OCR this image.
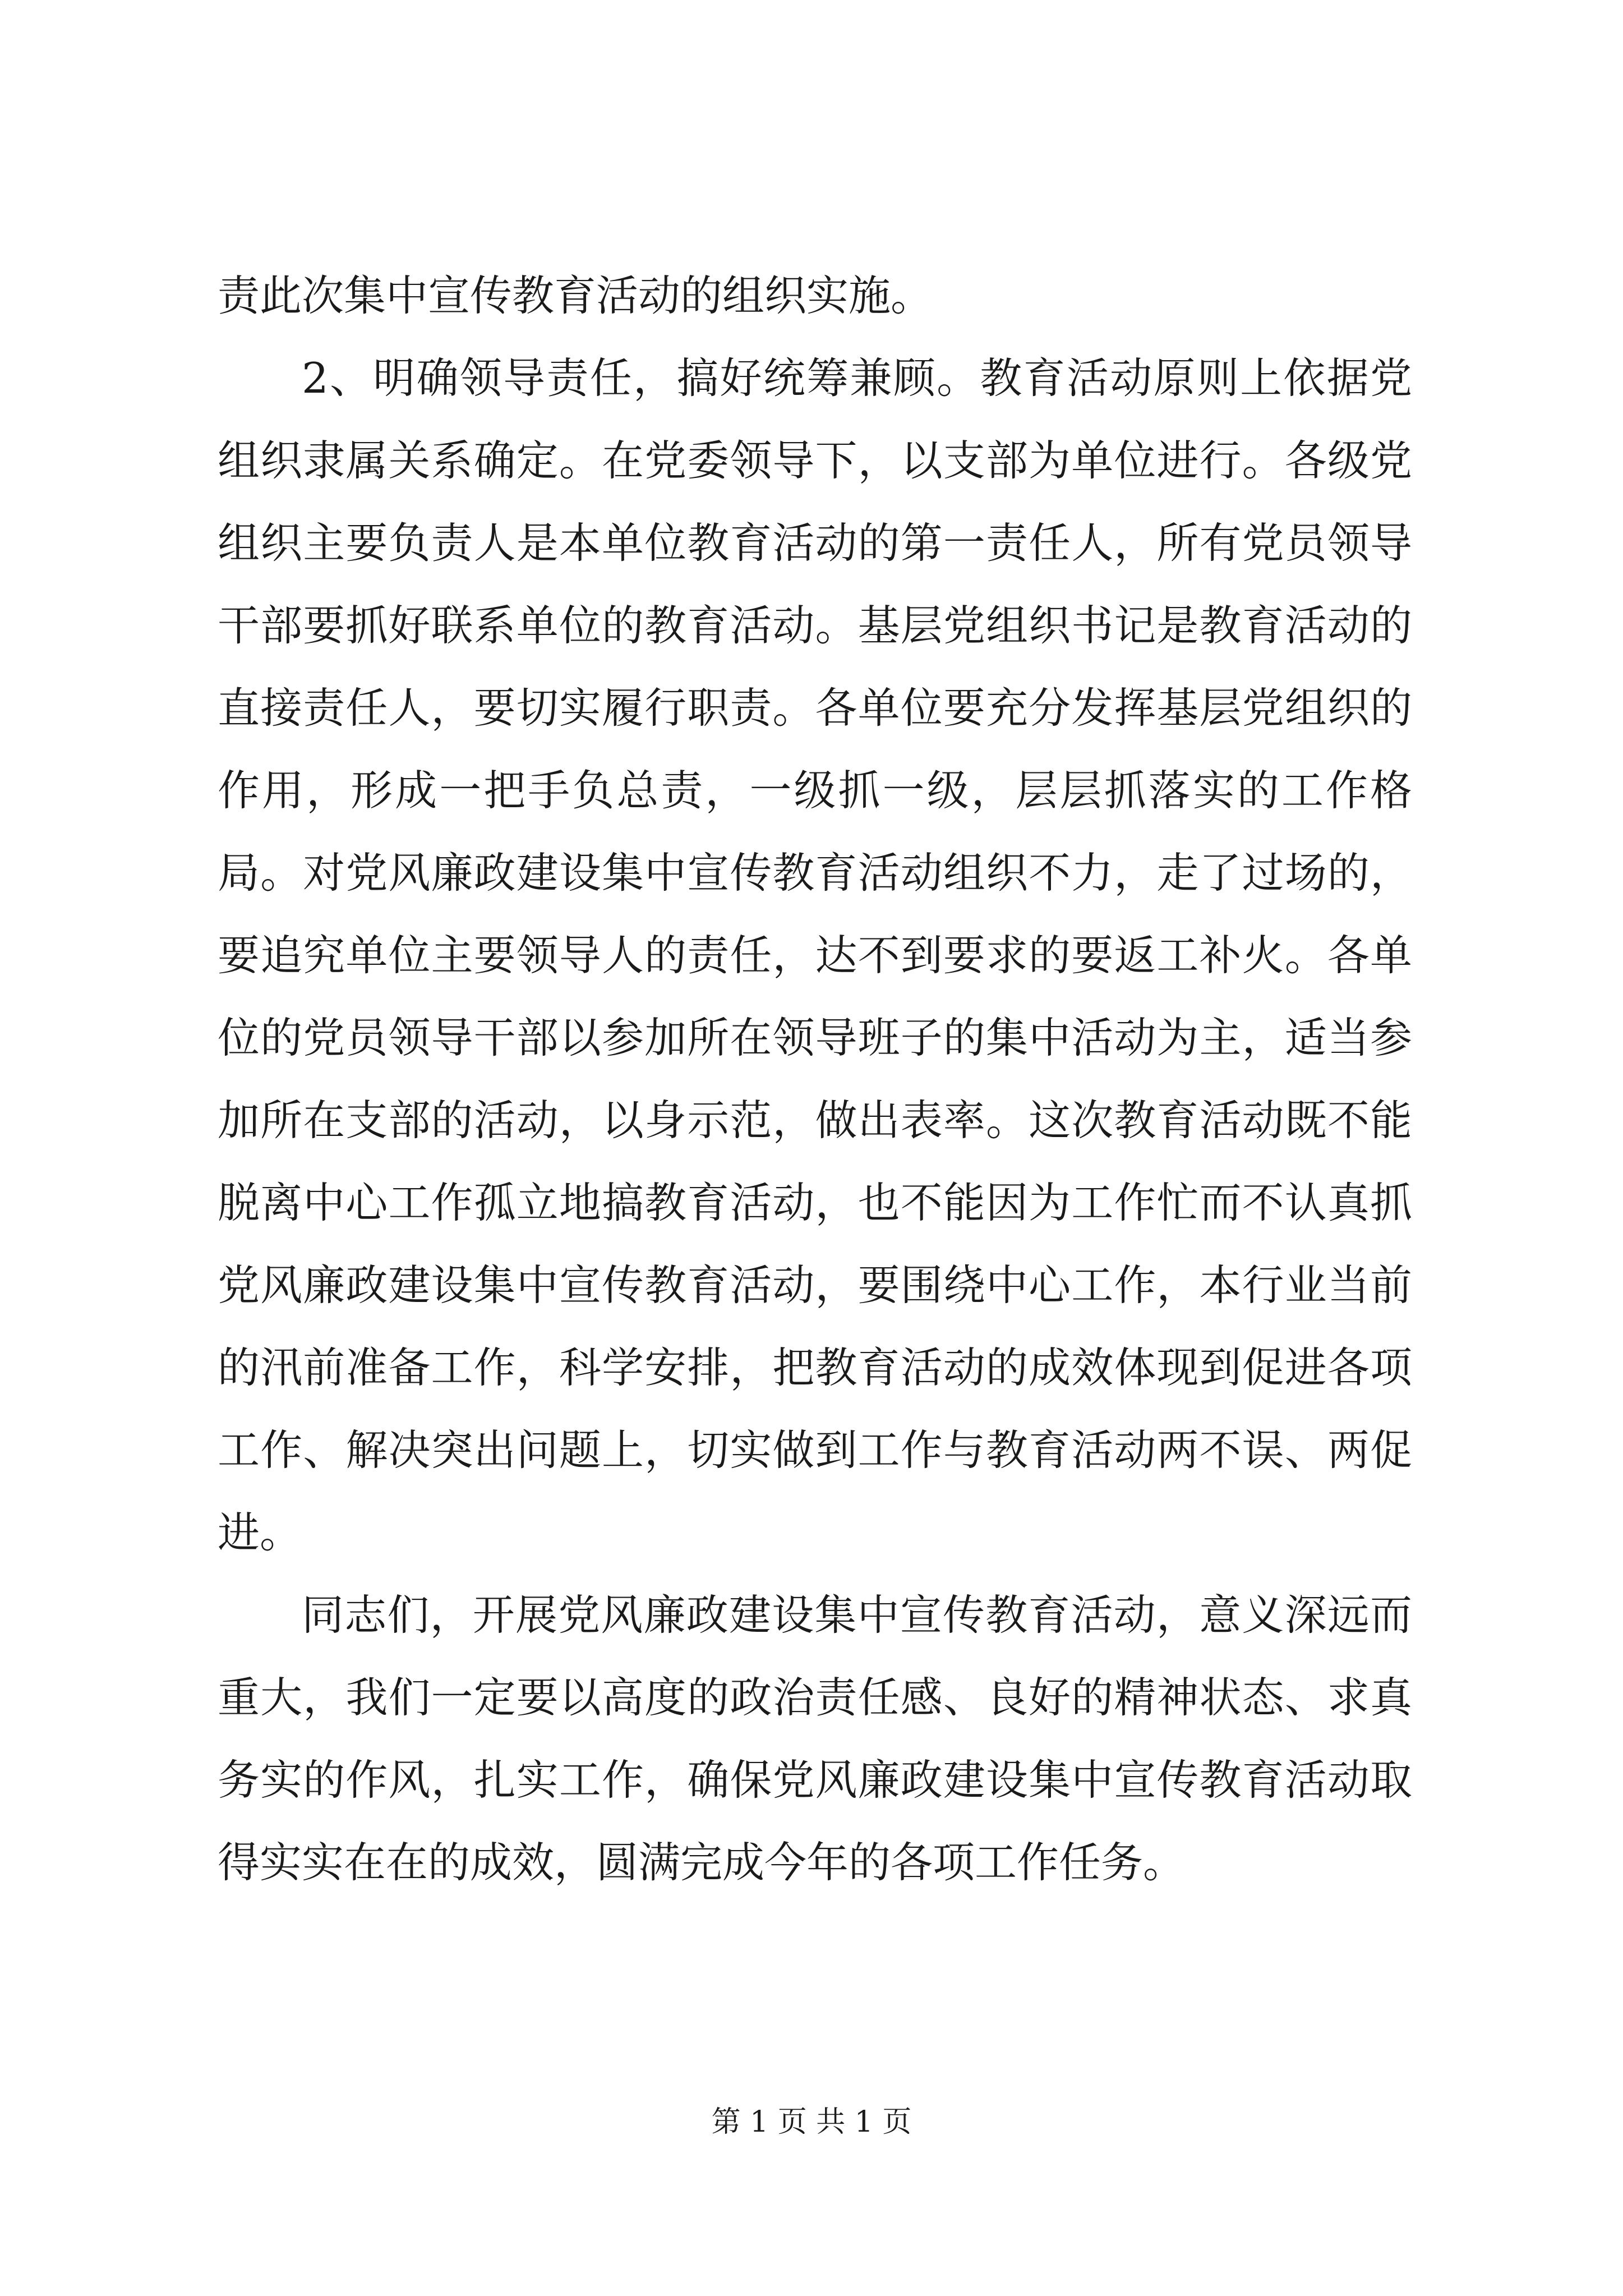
责此次集中宣传教育活动的组织实施。

2、明确领导责任，搞好统筹兼顾。教育活动原则上依据党组织隶属关系确定。在党委领导下，以支部为单位进行。各级党组织主要负责人是本单位教育活动的第一责任人，所有党员领导干部要抓好联系单位的教育活动。基层党组织书记是教育活动的直接责任人，要切实履行职责。各单位要充分发挥基层党组织的作用，形成一把手负总责，一级抓一级，层层抓落实的工作格局。对党风廉政建设集中宣传教育活动组织不力，走了过场的，要追究单位主要领导人的责任，达不到要求的要返工补火。各单位的党员领导干部以参加所在领导班子的集中活动为主，适当参加所在支部的活动，以身示范，做出表率。这次教育活动既不能脱离中心工作孤立地搞教育活动，也不能因为工作忙而不认真抓党风廉政建设集中宣传教育活动，要围绕中心工作，本行业当前的汛前准备工作，科学安排，把教育活动的成效体现到促进各项工作、解决突出问题上，切实做到工作与教育活动两不误、两促进。

同志们，开展党风廉政建设集中宣传教育活动，意义深远而重大，我们一定要以高度的政治责任感、良好的精神状态、求真务实的作风，扎实工作，确保党风廉政建设集中宣传教育活动取得实实在在的成效，圆满完成今年的各项工作任务。

第 1 页 共 1 页
